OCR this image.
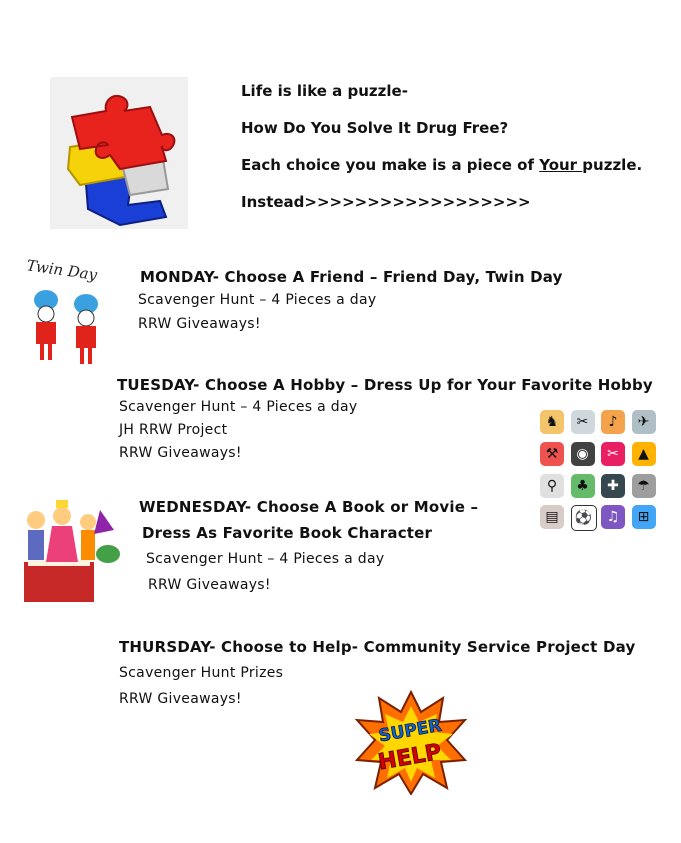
Life is like a puzzle-
How Do You Solve It Drug Free?
Each choice you make is a piece of Your puzzle.
Instead>>>>>>>>>>>>>>>>>>
Twin Day	MONDAY- Choose A Friend – Friend Day, Twin Day
Scavenger Hunt – 4 Pieces a day
RRW Giveaways!
TUESDAY- Choose A Hobby – Dress Up for Your Favorite Hobby
Scavenger Hunt – 4 Pieces a day
JH RRW Project
RRW Giveaways!
♞	✂	♪	✈
⚒	◉	✂	▲
⚲	♣	✚	☂
▤	⚽	♫	⊞
WEDNESDAY- Choose A Book or Movie –
Dress As Favorite Book Character
Scavenger Hunt – 4 Pieces a day
RRW Giveaways!
THURSDAY- Choose to Help- Community Service Project Day
Scavenger Hunt Prizes
RRW Giveaways!
SUPER
HELP
